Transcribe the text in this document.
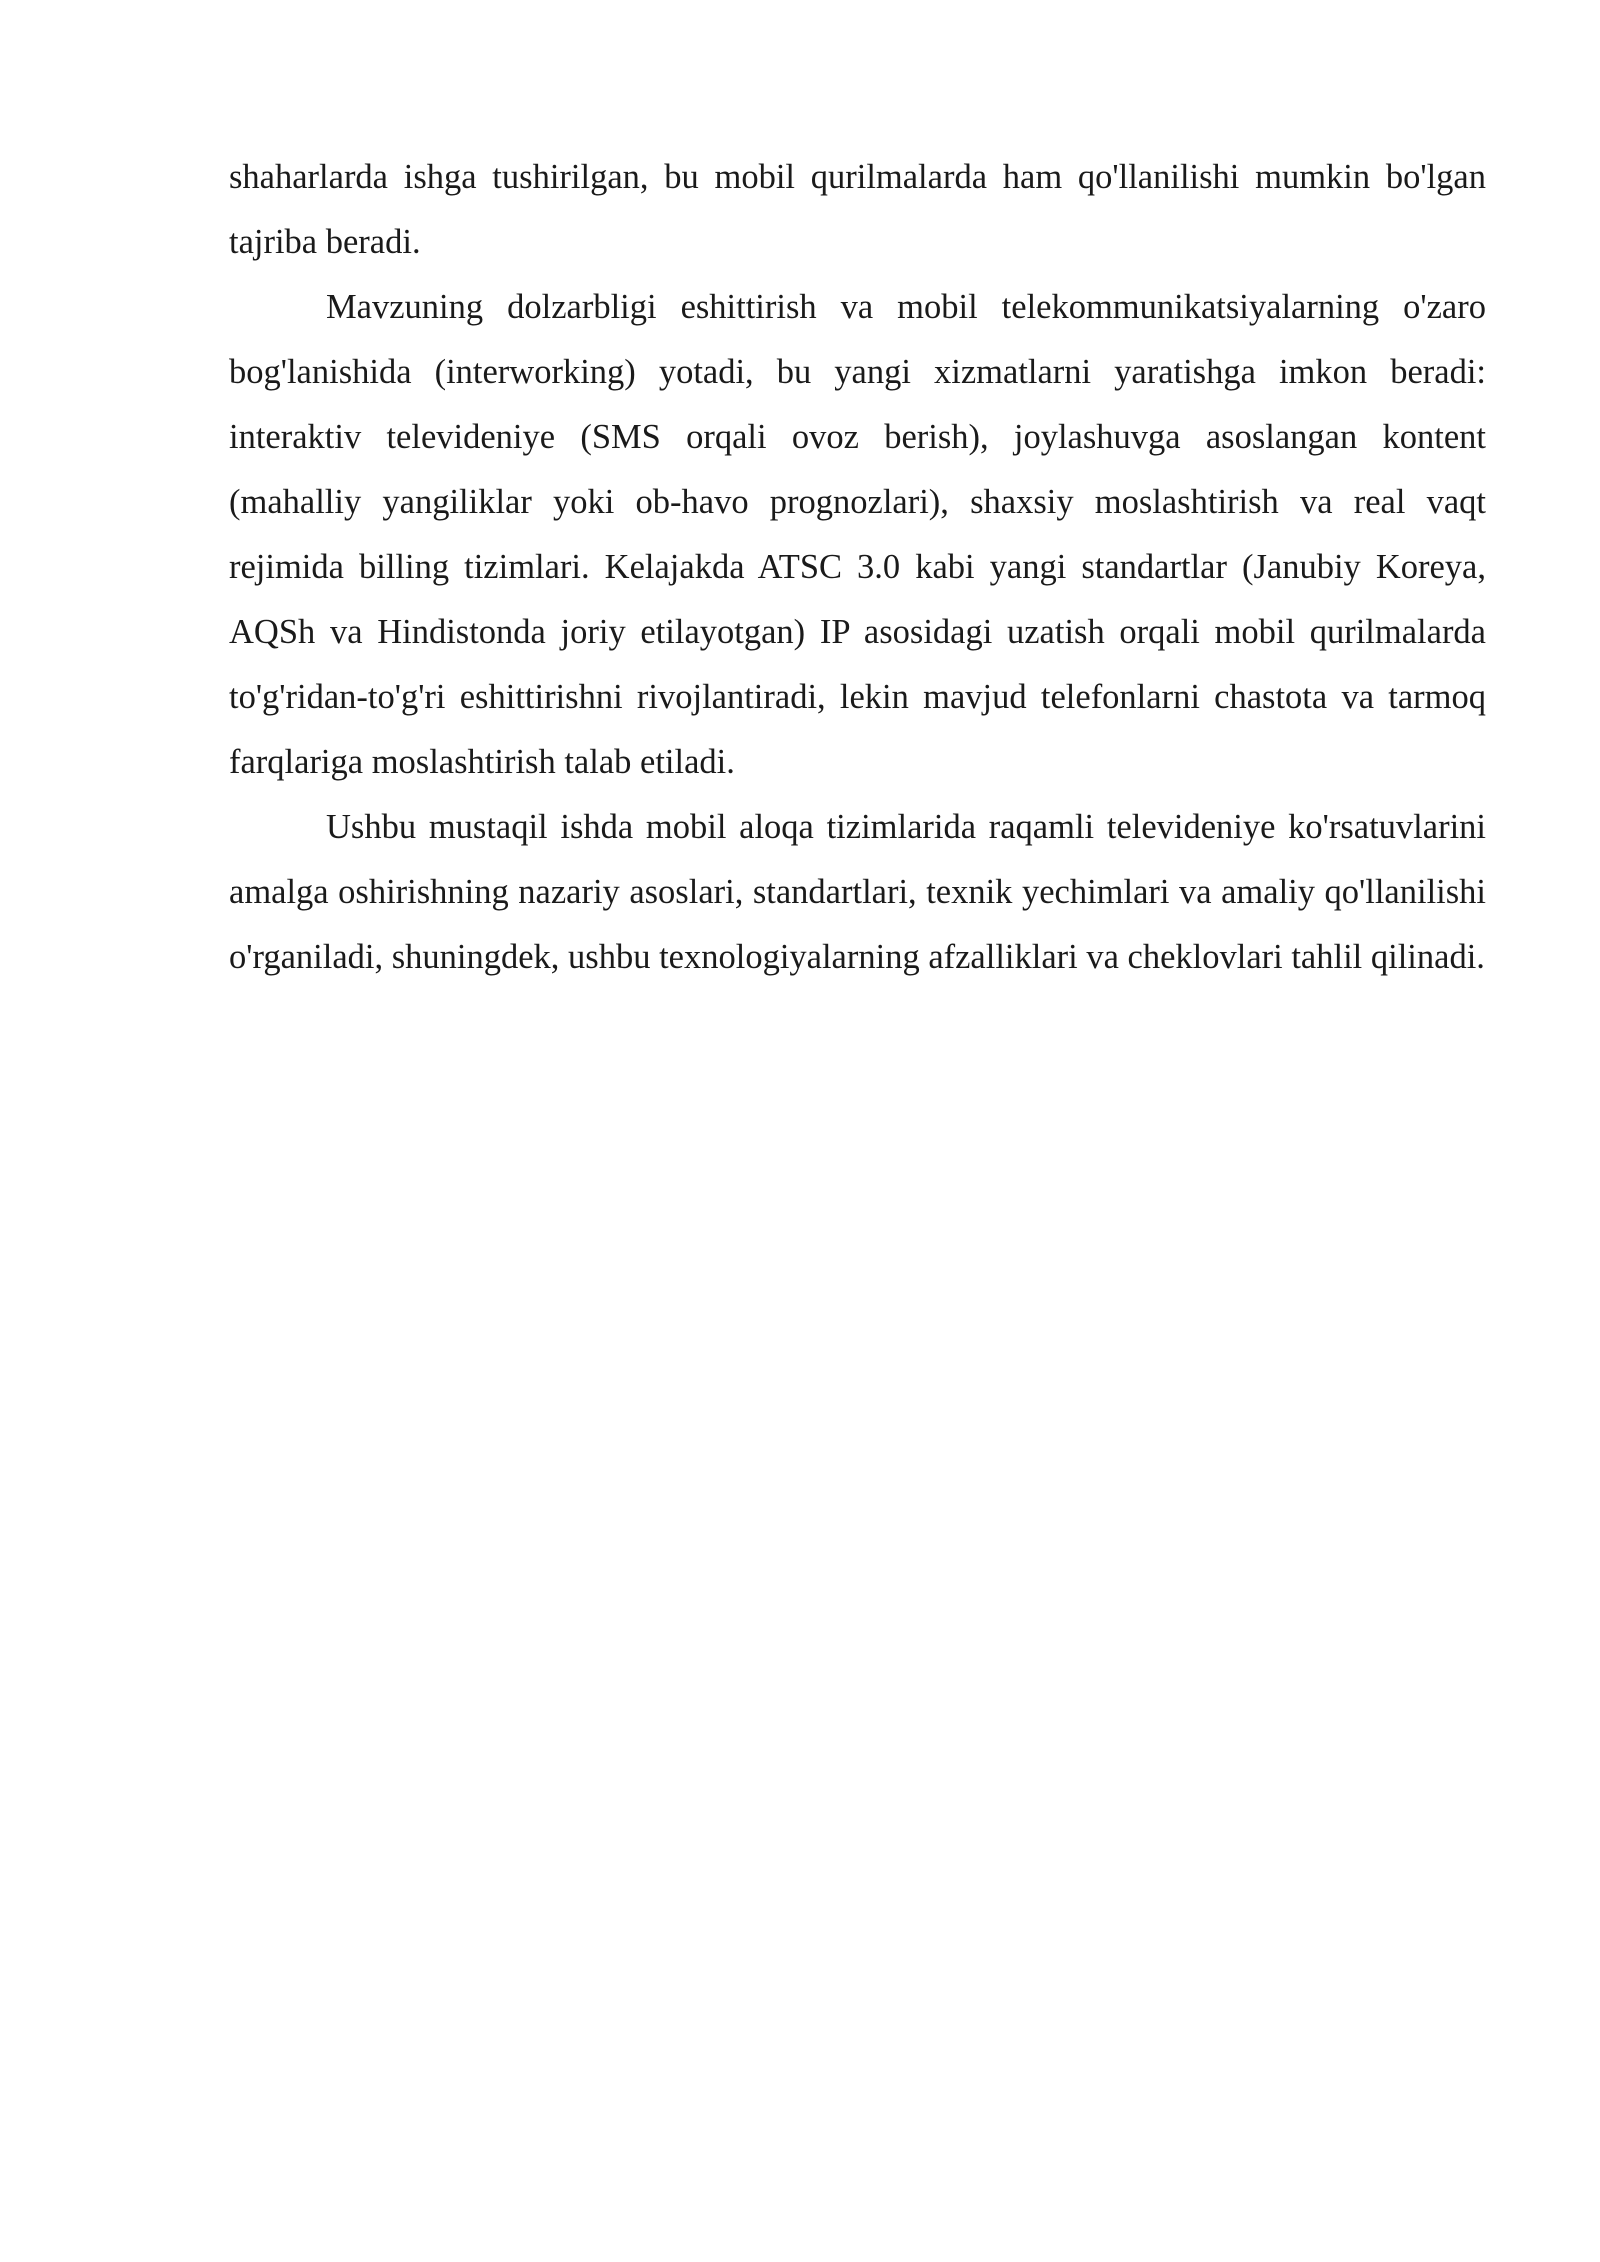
shaharlarda ishga tushirilgan, bu mobil qurilmalarda ham qo'llanilishi mumkin bo'lgan tajriba beradi.

Mavzuning dolzarbligi eshittirish va mobil telekommunikatsiyalarning o'zaro bog'lanishida (interworking) yotadi, bu yangi xizmatlarni yaratishga imkon beradi: interaktiv televideniye (SMS orqali ovoz berish), joylashuvga asoslangan kontent (mahalliy yangiliklar yoki ob-havo prognozlari), shaxsiy moslashtirish va real vaqt rejimida billing tizimlari. Kelajakda ATSC 3.0 kabi yangi standartlar (Janubiy Koreya, AQSh va Hindistonda joriy etilayotgan) IP asosidagi uzatish orqali mobil qurilmalarda to'g'ridan-to'g'ri eshittirishni rivojlantiradi, lekin mavjud telefonlarni chastota va tarmoq farqlariga moslashtirish talab etiladi.

Ushbu mustaqil ishda mobil aloqa tizimlarida raqamli televideniye ko'rsatuvlarini amalga oshirishning nazariy asoslari, standartlari, texnik yechimlari va amaliy qo'llanilishi o'rganiladi, shuningdek, ushbu texnologiyalarning afzalliklari va cheklovlari tahlil qilinadi.
